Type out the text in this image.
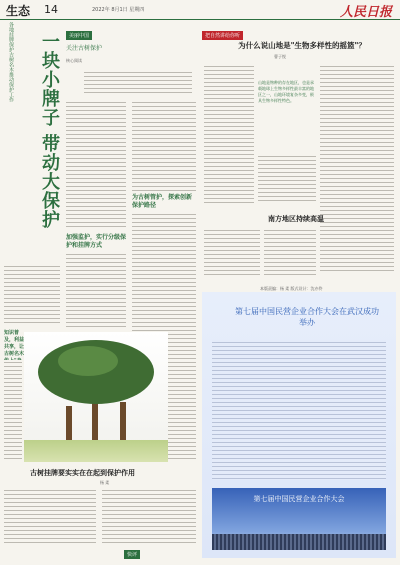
生态 14	2022年 8月1日 星期四	人民日报
各地挂牌保护古树名木推动保护工作	一块小牌子 带动大保护	美丽中国
关注古树保护
核心阅读
加强监护，实行分级保护和挂牌方式
为古树管护，探索创新保护路径
知识普及，利益共享，让古树名木
古树挂牌要实实在在起到保护作用
杨 柔
把自然讲给你听
为什么说山地是"生物多样性的摇篮"？
曹子悦
山地是物种的存在地区，也是承载地球上生物多样性最丰富的地区之一，山地环境复杂多变，极具生物多样性特色。
南方地区持续高温
本版责编：杨 柔 版式设计：沈亦伶
第七届中国民营企业合作大会在武汉成功举办
第七届中国民营企业合作大会
快评
